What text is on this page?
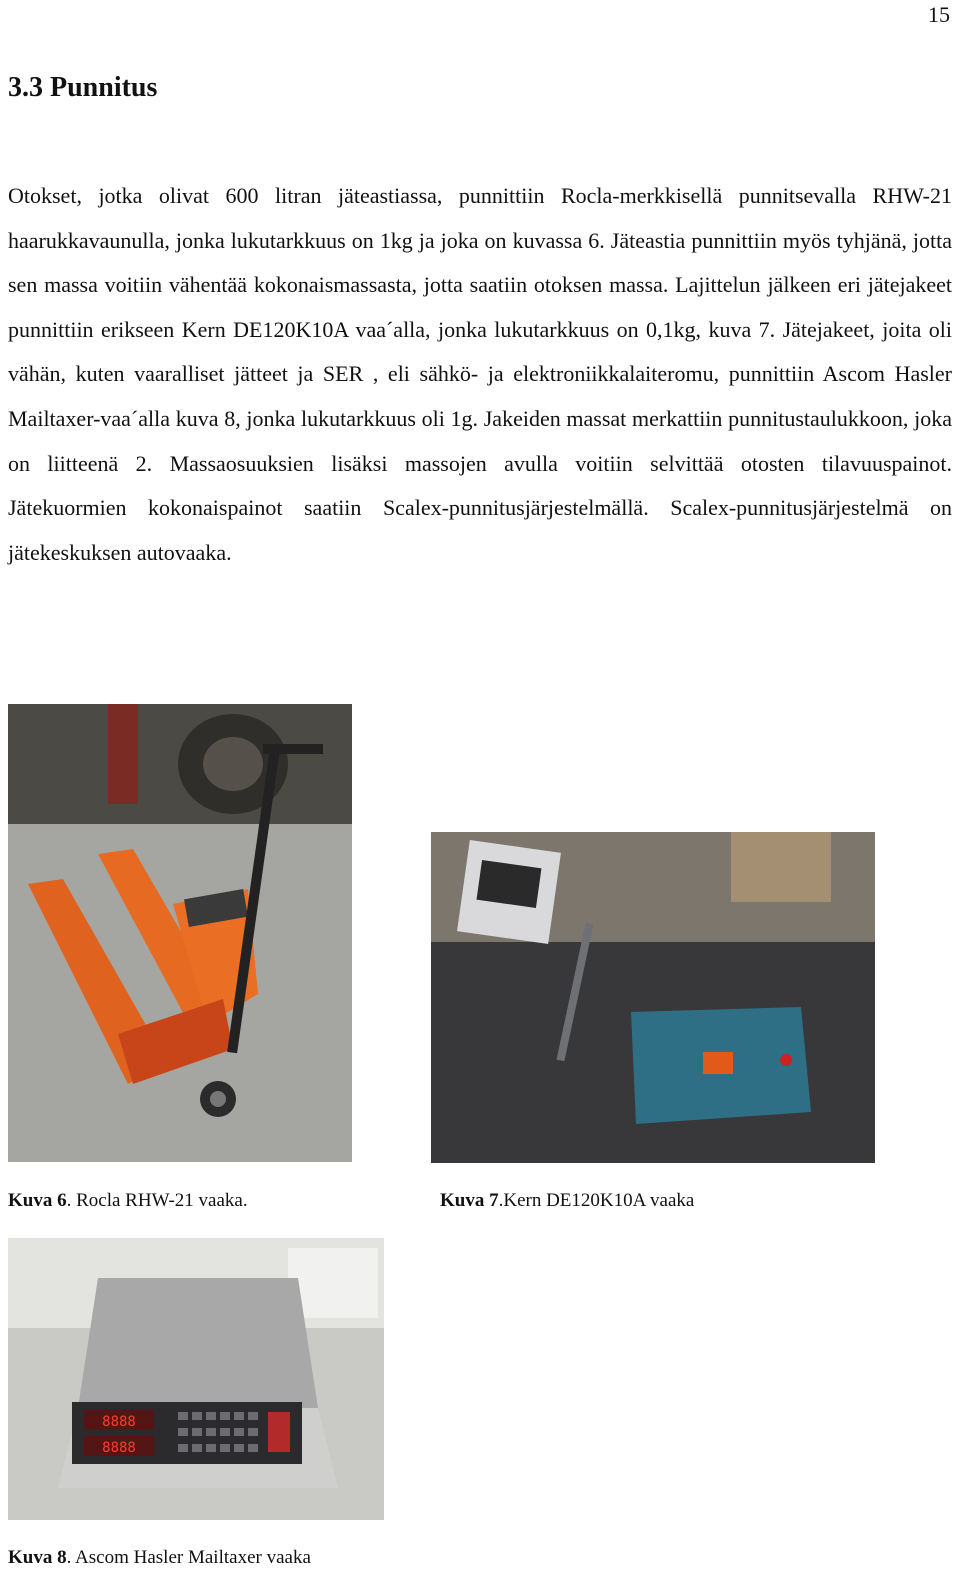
15
3.3 Punnitus

Otokset, jotka olivat 600 litran jäteastiassa, punnittiin Rocla-merkkisellä punnitsevalla RHW-21 haarukkavaunulla, jonka lukutarkkuus on 1kg ja joka on kuvassa 6. Jäteastia punnittiin myös tyhjänä, jotta sen massa voitiin vähentää kokonaismassasta, jotta saatiin otoksen massa. Lajittelun jälkeen eri jätejakeet punnittiin erikseen Kern DE120K10A vaa´alla, jonka lukutarkkuus on 0,1kg, kuva 7. Jätejakeet, joita oli vähän, kuten vaaralliset jätteet ja SER , eli sähkö- ja elektroniikkalaiteromu, punnittiin Ascom Hasler Mailtaxer-vaa´alla kuva 8, jonka lukutarkkuus oli 1g. Jakeiden massat merkattiin punnitustaulukkoon, joka on liitteenä 2. Massaosuuksien lisäksi massojen avulla voitiin selvittää otosten tilavuuspainot. Jätekuormien kokonaispainot saatiin Scalex-punnitusjärjestelmällä. Scalex-punnitusjärjestelmä on jätekeskuksen autovaaka.

Kuva 6. Rocla RHW-21 vaaka.	Kuva 7.Kern DE120K10A vaaka
8888
8888
Kuva 8. Ascom Hasler Mailtaxer vaaka
